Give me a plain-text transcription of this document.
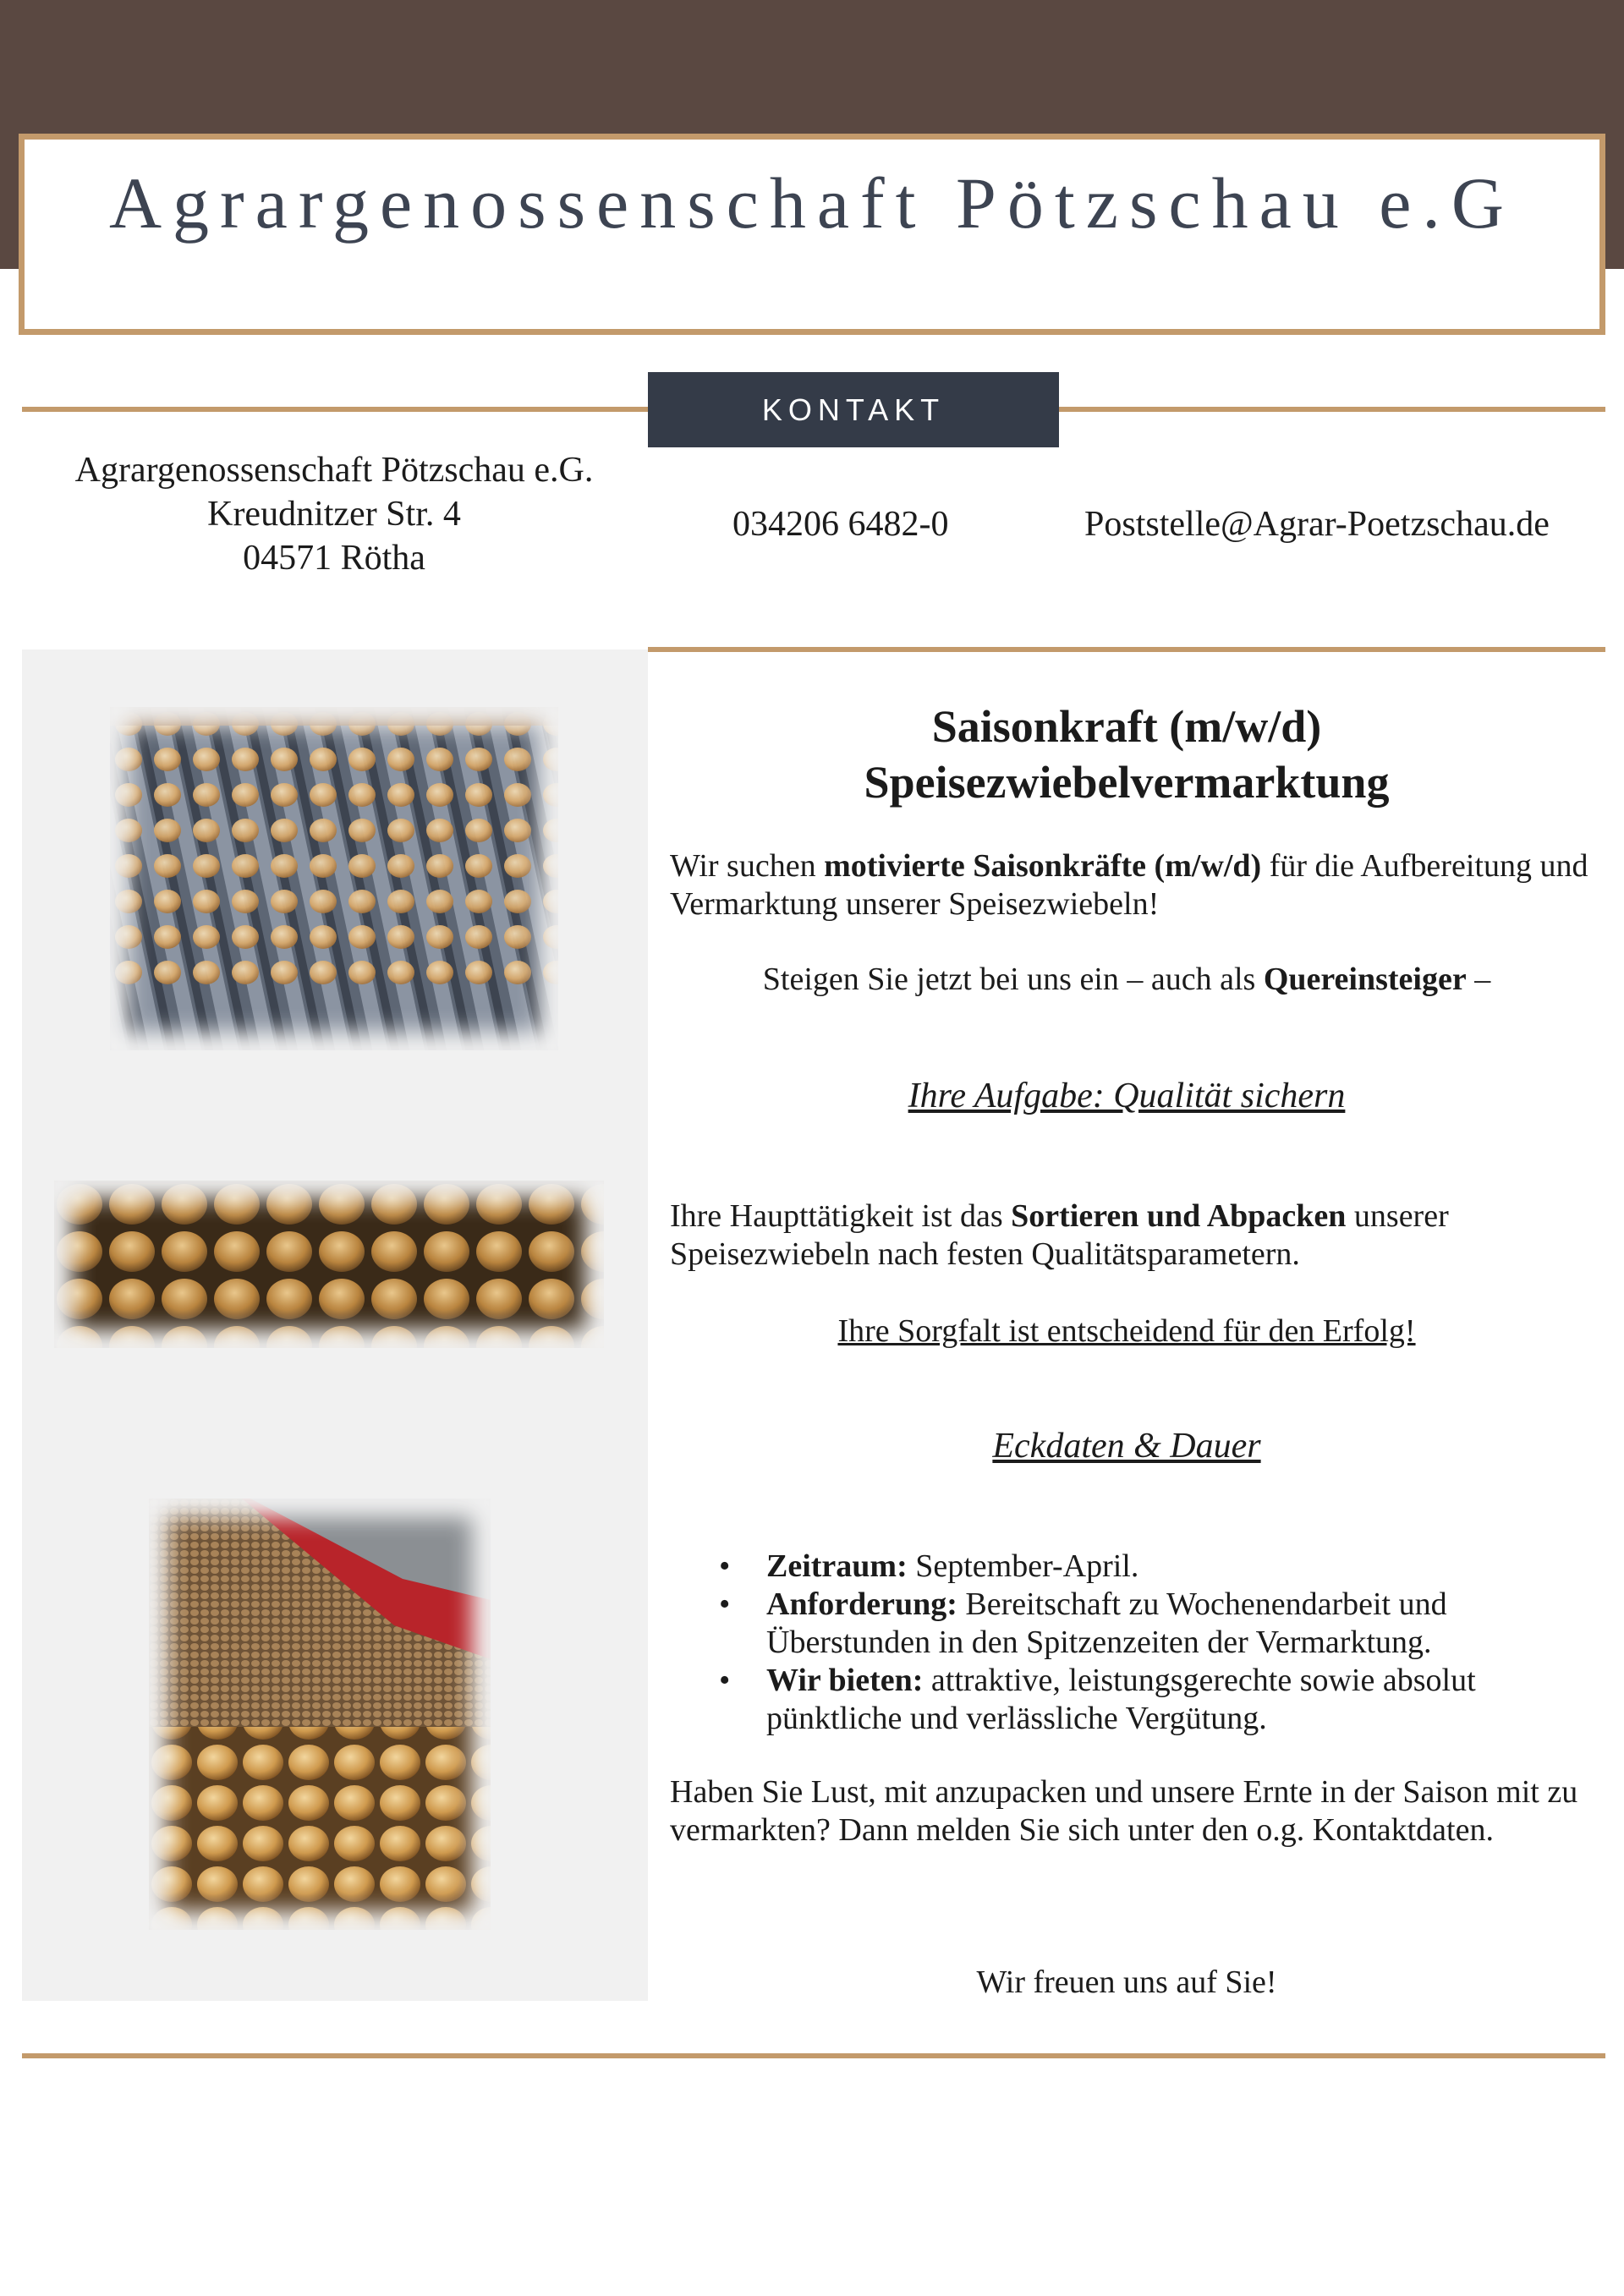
Agrargenossenschaft Pötzschau e.G
KONTAKT
Agrargenossenschaft Pötzschau e.G.
Kreudnitzer Str. 4
04571 Rötha
034206 6482-0	Poststelle@Agrar-Poetzschau.de
Saisonkraft (m/w/d)
Speisezwiebelvermarktung
Wir suchen motivierte Saisonkräfte (m/w/d) für die Aufbereitung und Vermarktung unserer Speisezwiebeln!
Steigen Sie jetzt bei uns ein – auch als Quereinsteiger –
Ihre Aufgabe: Qualität sichern
Ihre Haupttätigkeit ist das Sortieren und Abpacken unserer Speisezwiebeln nach festen Qualitätsparametern.
Ihre Sorgfalt ist entscheidend für den Erfolg!
Eckdaten & Dauer
• Zeitraum: September-April.
• Anforderung: Bereitschaft zu Wochenendarbeit und Überstunden in den Spitzenzeiten der Vermarktung.
• Wir bieten: attraktive, leistungsgerechte sowie absolut pünktliche und verlässliche Vergütung.
Haben Sie Lust, mit anzupacken und unsere Ernte in der Saison mit zu vermarkten? Dann melden Sie sich unter den o.g. Kontaktdaten.
Wir freuen uns auf Sie!
